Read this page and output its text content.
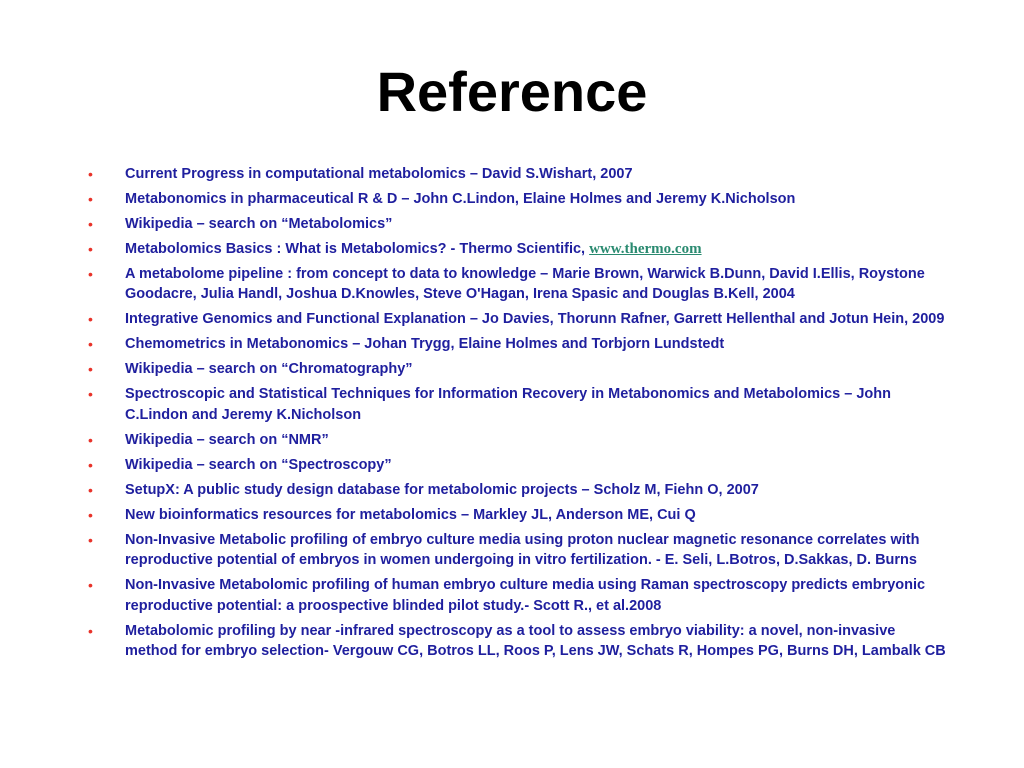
Reference
• Current Progress in computational metabolomics – David S.Wishart, 2007
• Metabonomics in pharmaceutical R & D – John C.Lindon, Elaine Holmes and Jeremy K.Nicholson
• Wikipedia – search on “Metabolomics”
• Metabolomics Basics : What is Metabolomics? - Thermo Scientific, www.thermo.com
• A metabolome pipeline : from concept to data to knowledge – Marie Brown, Warwick B.Dunn, David I.Ellis, Roystone Goodacre, Julia Handl, Joshua D.Knowles, Steve O'Hagan, Irena Spasic and Douglas B.Kell, 2004
• Integrative Genomics and Functional Explanation – Jo Davies, Thorunn Rafner, Garrett Hellenthal and Jotun Hein, 2009
• Chemometrics in Metabonomics – Johan Trygg, Elaine Holmes and Torbjorn Lundstedt
• Wikipedia – search on “Chromatography”
• Spectroscopic and Statistical Techniques for Information Recovery in Metabonomics and Metabolomics – John C.Lindon and Jeremy K.Nicholson
• Wikipedia – search on “NMR”
• Wikipedia – search on “Spectroscopy”
• SetupX: A public study design database for metabolomic projects – Scholz M, Fiehn O, 2007
• New bioinformatics resources for metabolomics – Markley JL, Anderson ME, Cui Q
• Non-Invasive Metabolic profiling of embryo culture media using proton nuclear magnetic resonance correlates with reproductive potential of embryos in women undergoing in vitro fertilization. - E. Seli, L.Botros, D.Sakkas, D. Burns
• Non-Invasive Metabolomic profiling of human embryo culture media using Raman spectroscopy predicts embryonic reproductive potential: a proospective blinded pilot study.- Scott R., et al.2008
• Metabolomic profiling by near -infrared spectroscopy as a tool to assess embryo viability: a novel, non-invasive method for embryo selection- Vergouw CG, Botros LL, Roos P, Lens JW, Schats R, Hompes PG, Burns DH, Lambalk CB
